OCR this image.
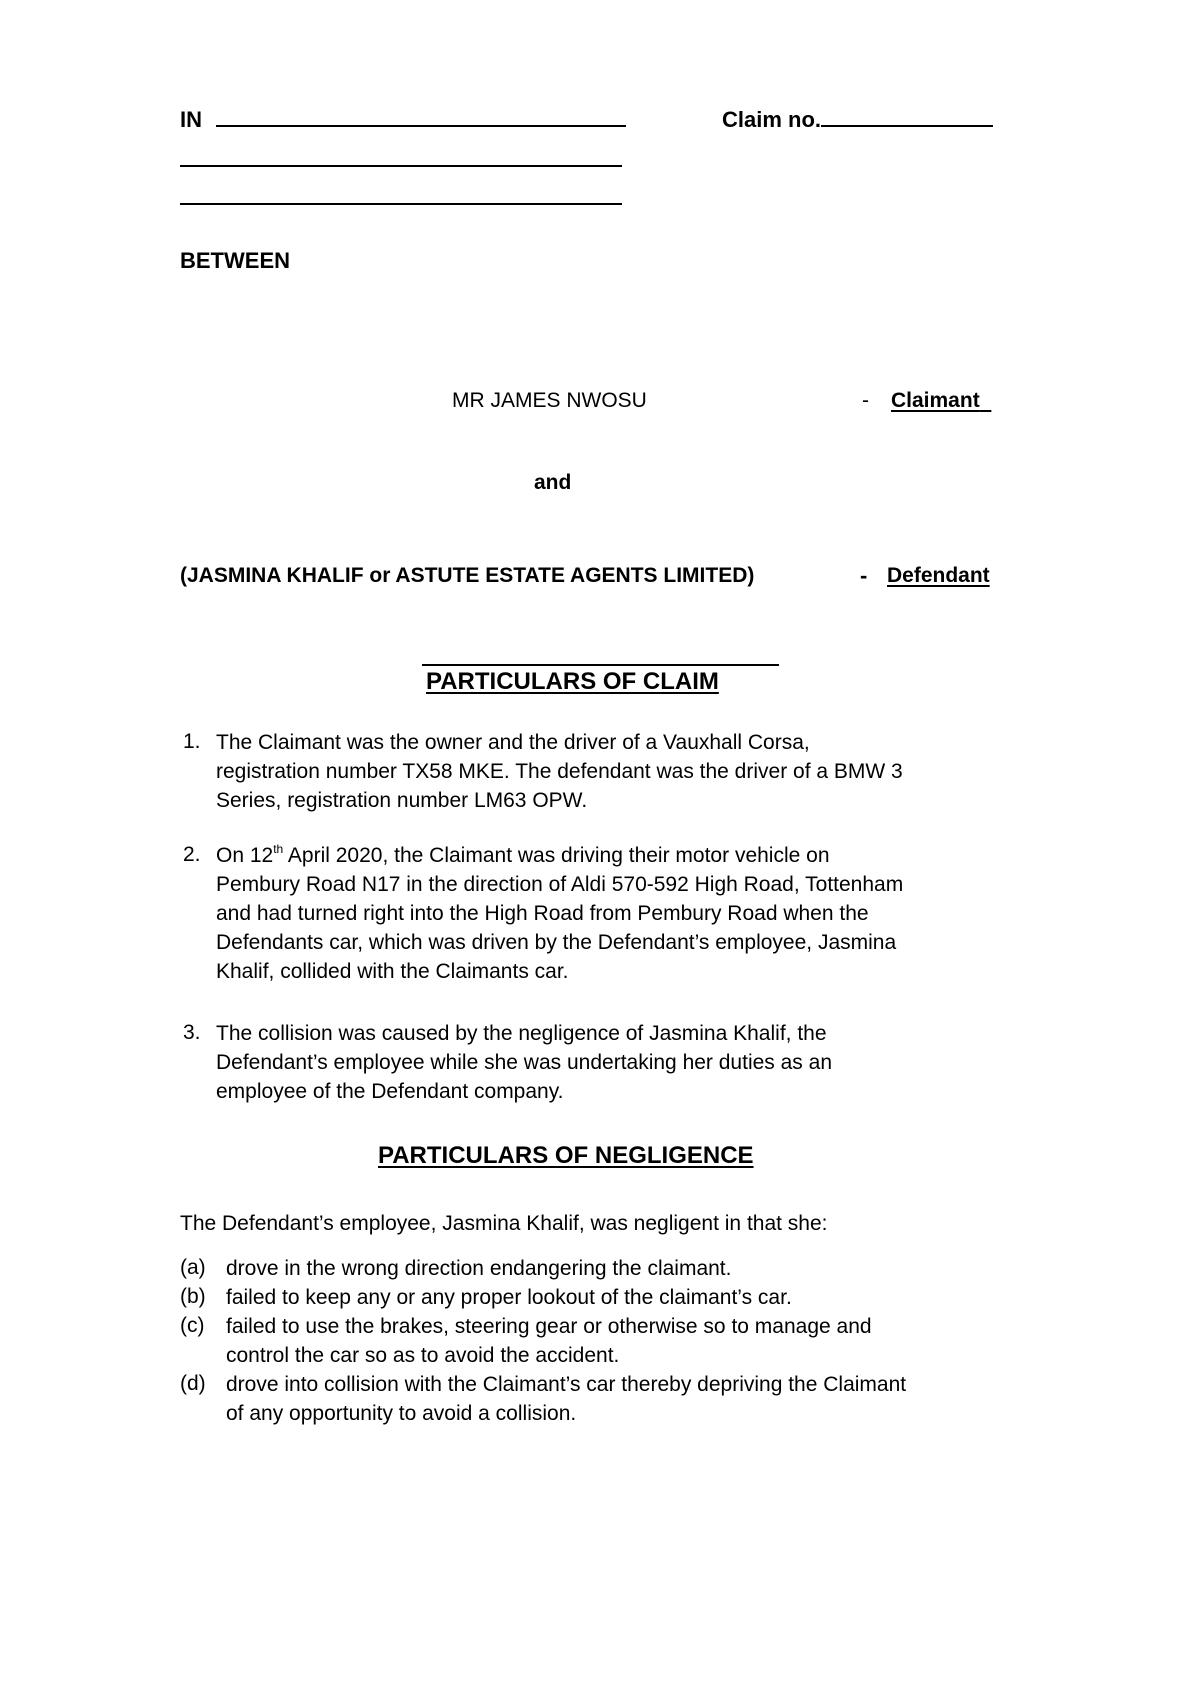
IN	Claim no.
BETWEEN
MR JAMES NWOSU	- Claimant
and
(JASMINA KHALIF or ASTUTE ESTATE AGENTS LIMITED)	- Defendant
PARTICULARS OF CLAIM
1. The Claimant was the owner and the driver of a Vauxhall Corsa,
registration number TX58 MKE. The defendant was the driver of a BMW 3
Series, registration number LM63 OPW.
2. On 12th April 2020, the Claimant was driving their motor vehicle on
Pembury Road N17 in the direction of Aldi 570-592 High Road, Tottenham
and had turned right into the High Road from Pembury Road when the
Defendants car, which was driven by the Defendant’s employee, Jasmina
Khalif, collided with the Claimants car.
3. The collision was caused by the negligence of Jasmina Khalif, the
Defendant’s employee while she was undertaking her duties as an
employee of the Defendant company.
PARTICULARS OF NEGLIGENCE
The Defendant’s employee, Jasmina Khalif, was negligent in that she:
(a) drove in the wrong direction endangering the claimant.
(b) failed to keep any or any proper lookout of the claimant’s car.
(c) failed to use the brakes, steering gear or otherwise so to manage and
control the car so as to avoid the accident.
(d) drove into collision with the Claimant’s car thereby depriving the Claimant
of any opportunity to avoid a collision.
